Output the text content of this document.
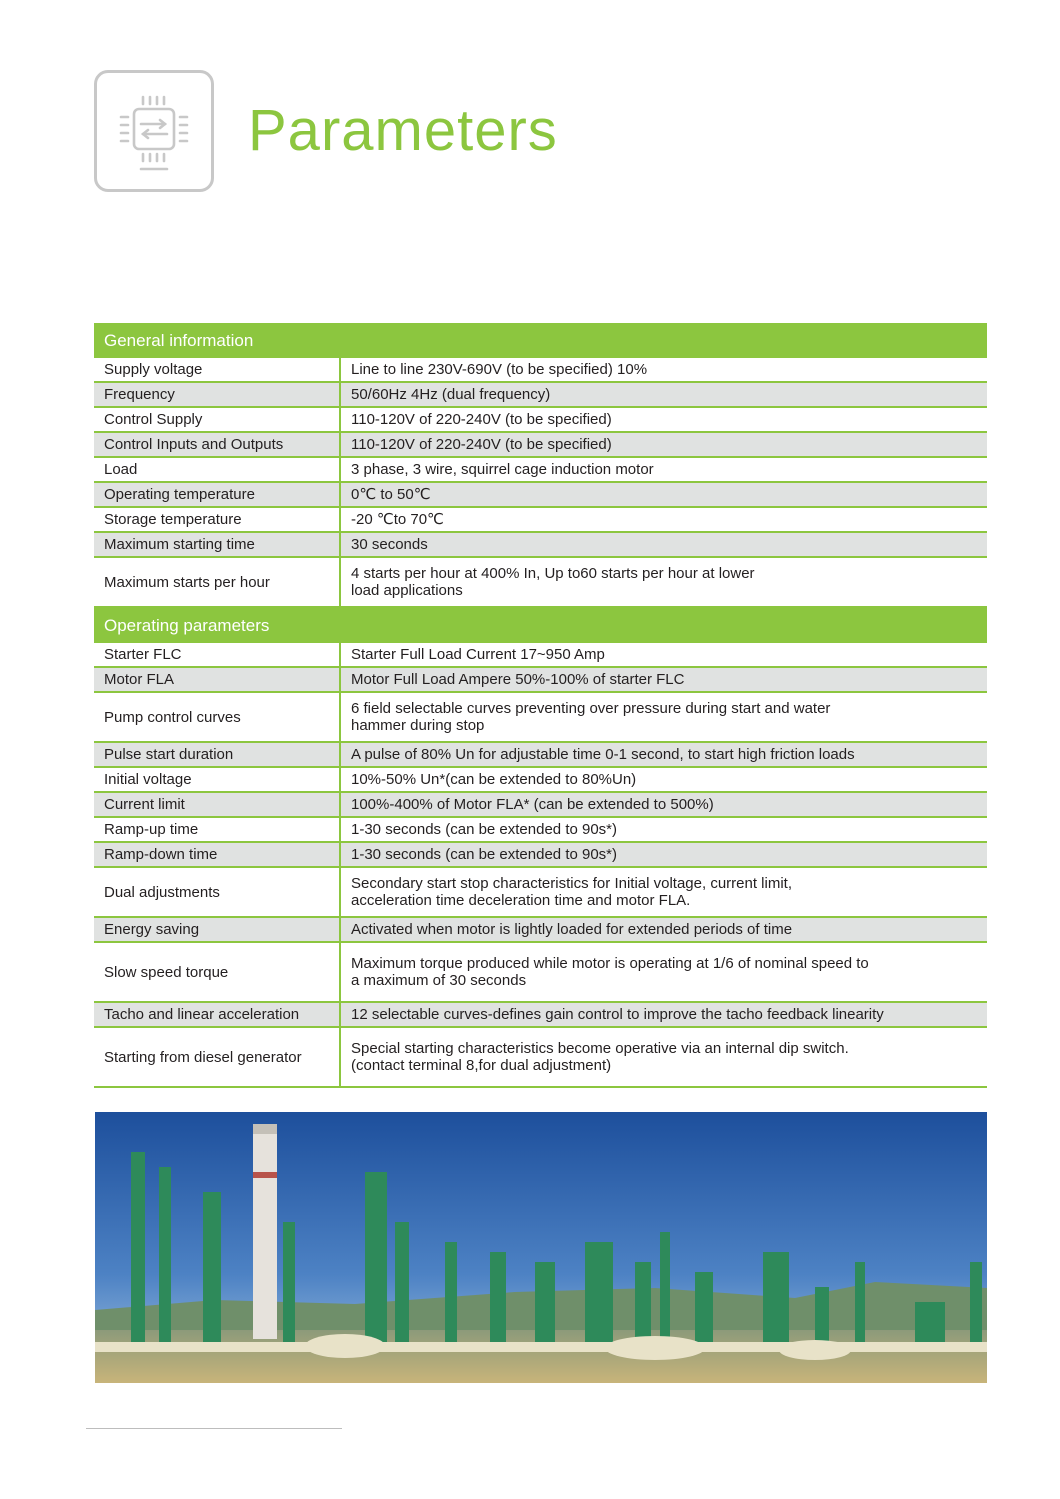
Parameters
General information	
Supply voltage	Line to line 230V-690V (to be specified) 10%
Frequency	50/60Hz 4Hz (dual frequency)
Control Supply	110-120V of 220-240V (to be specified)
Control Inputs and Outputs	110-120V of 220-240V (to be specified)
Load	3 phase, 3 wire, squirrel cage induction motor
Operating temperature	0℃ to 50℃
Storage temperature	-20 ℃to 70℃
Maximum starting time	30 seconds
Maximum starts per hour	4 starts per hour at 400% In, Up to60 starts per hour at lower
load applications
Operating parameters	
Starter FLC	Starter Full Load Current 17~950 Amp
Motor FLA	Motor Full Load Ampere 50%-100% of starter FLC
Pump control curves	6 field selectable curves preventing over pressure during start and water
hammer during stop
Pulse start duration	A pulse of 80% Un for adjustable time 0-1 second, to start high friction loads
Initial voltage	10%-50% Un*(can be extended to 80%Un)
Current limit	100%-400% of Motor FLA* (can be extended to 500%)
Ramp-up time	1-30 seconds (can be extended to 90s*)
Ramp-down time	1-30 seconds (can be extended to 90s*)
Dual adjustments	Secondary start stop characteristics for Initial voltage, current limit,
acceleration time deceleration time and motor FLA.
Energy saving	Activated when motor is lightly loaded for extended periods of time
Slow speed torque	Maximum torque produced while motor is operating at 1/6 of nominal speed to
a maximum of 30 seconds
Tacho and linear acceleration	12 selectable curves-defines gain control to improve the tacho feedback linearity
Starting from diesel generator	Special starting characteristics become operative via an internal dip switch.
(contact terminal 8,for dual adjustment)
